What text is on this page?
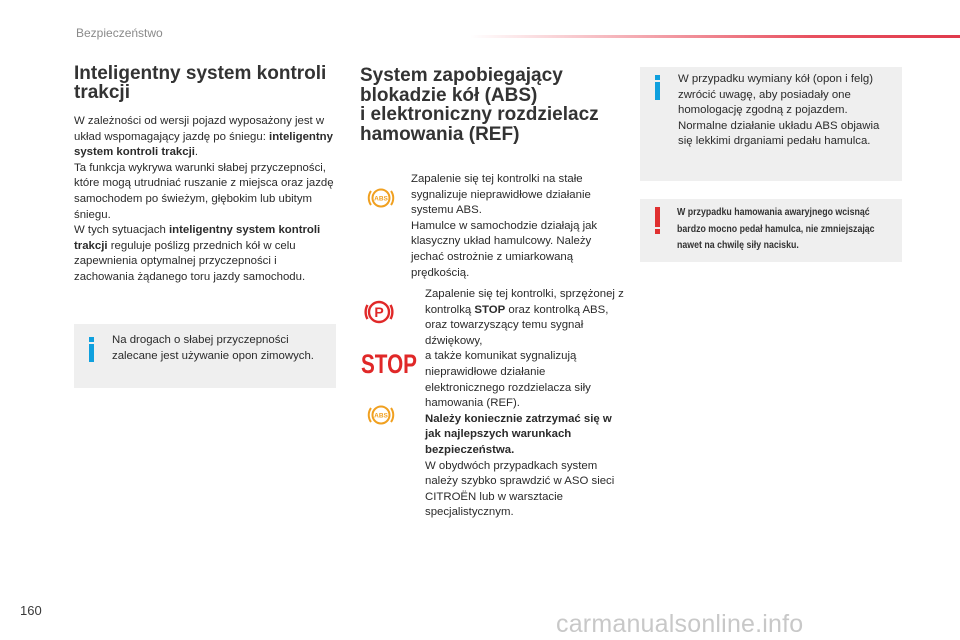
Bezpieczeństwo
Inteligentny system kontroli
trakcji

W zależności od wersji pojazd wyposażony jest w układ wspomagający jazdę po śniegu: inteligentny system kontroli trakcji.

Ta funkcja wykrywa warunki słabej przyczepności, które mogą utrudniać ruszanie z miejsca oraz jazdę samochodem po świeżym, głębokim lub ubitym śniegu.

W tych sytuacjach inteligentny system kontroli trakcji reguluje poślizg przednich kół w celu zapewnienia optymalnej przyczepności i zachowania żądanego toru jazdy samochodu.

Na drogach o słabej przyczepności zalecane jest używanie opon zimowych.
System zapobiegający
blokadzie kół (ABS)
i elektroniczny rozdzielacz
hamowania (REF)
ABS

Zapalenie się tej kontrolki na stałe sygnalizuje nieprawidłowe działanie systemu ABS.

Hamulce w samochodzie działają jak klasyczny układ hamulcowy. Należy jechać ostrożnie z umiarkowaną prędkością.

P
STOP
ABS

Zapalenie się tej kontrolki, sprzężonej z kontrolką STOP oraz kontrolką ABS, oraz towarzyszący temu sygnał dźwiękowy,

a także komunikat sygnalizują nieprawidłowe działanie elektronicznego rozdzielacza siły hamowania (REF).

Należy koniecznie zatrzymać się w jak najlepszych warunkach bezpieczeństwa.

W obydwóch przypadkach system należy szybko sprawdzić w ASO sieci CITROËN lub w warsztacie specjalistycznym.

W przypadku wymiany kół (opon i felg) zwrócić uwagę, aby posiadały one homologację zgodną z pojazdem. Normalne działanie układu ABS objawia się lekkimi drganiami pedału hamulca.
W przypadku hamowania awaryjnego wcisnąć bardzo mocno pedał hamulca, nie zmniejszając nawet na chwilę siły nacisku.
160	carmanualsonline.info
